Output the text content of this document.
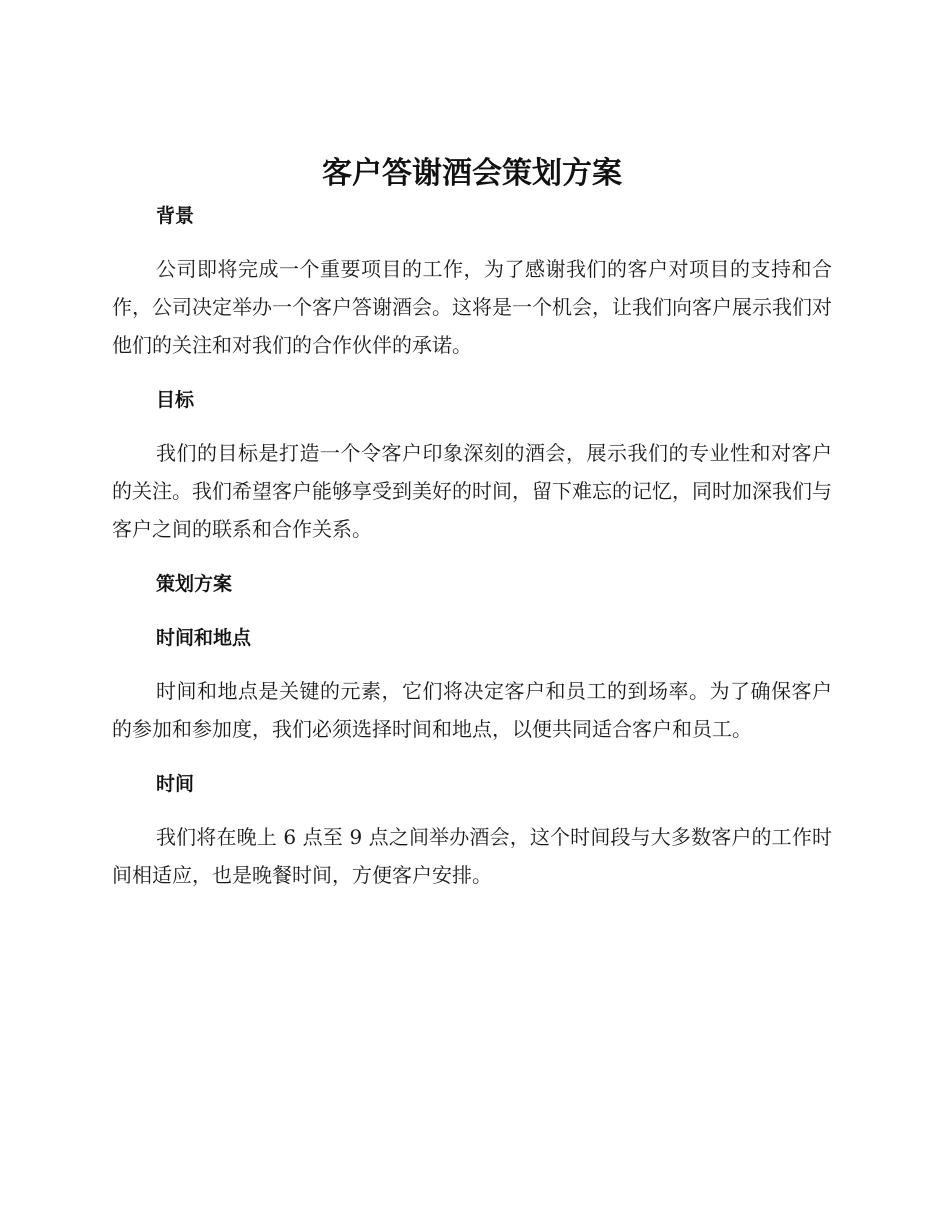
客户答谢酒会策划方案
背景

公司即将完成一个重要项目的工作，为了感谢我们的客户对项目的支持和合作，公司决定举办一个客户答谢酒会。这将是一个机会，让我们向客户展示我们对他们的关注和对我们的合作伙伴的承诺。

目标

我们的目标是打造一个令客户印象深刻的酒会，展示我们的专业性和对客户的关注。我们希望客户能够享受到美好的时间，留下难忘的记忆，同时加深我们与客户之间的联系和合作关系。

策划方案
时间和地点

时间和地点是关键的元素，它们将决定客户和员工的到场率。为了确保客户的参加和参加度，我们必须选择时间和地点，以便共同适合客户和员工。

时间

我们将在晚上 6 点至 9 点之间举办酒会，这个时间段与大多数客户的工作时间相适应，也是晚餐时间，方便客户安排。
